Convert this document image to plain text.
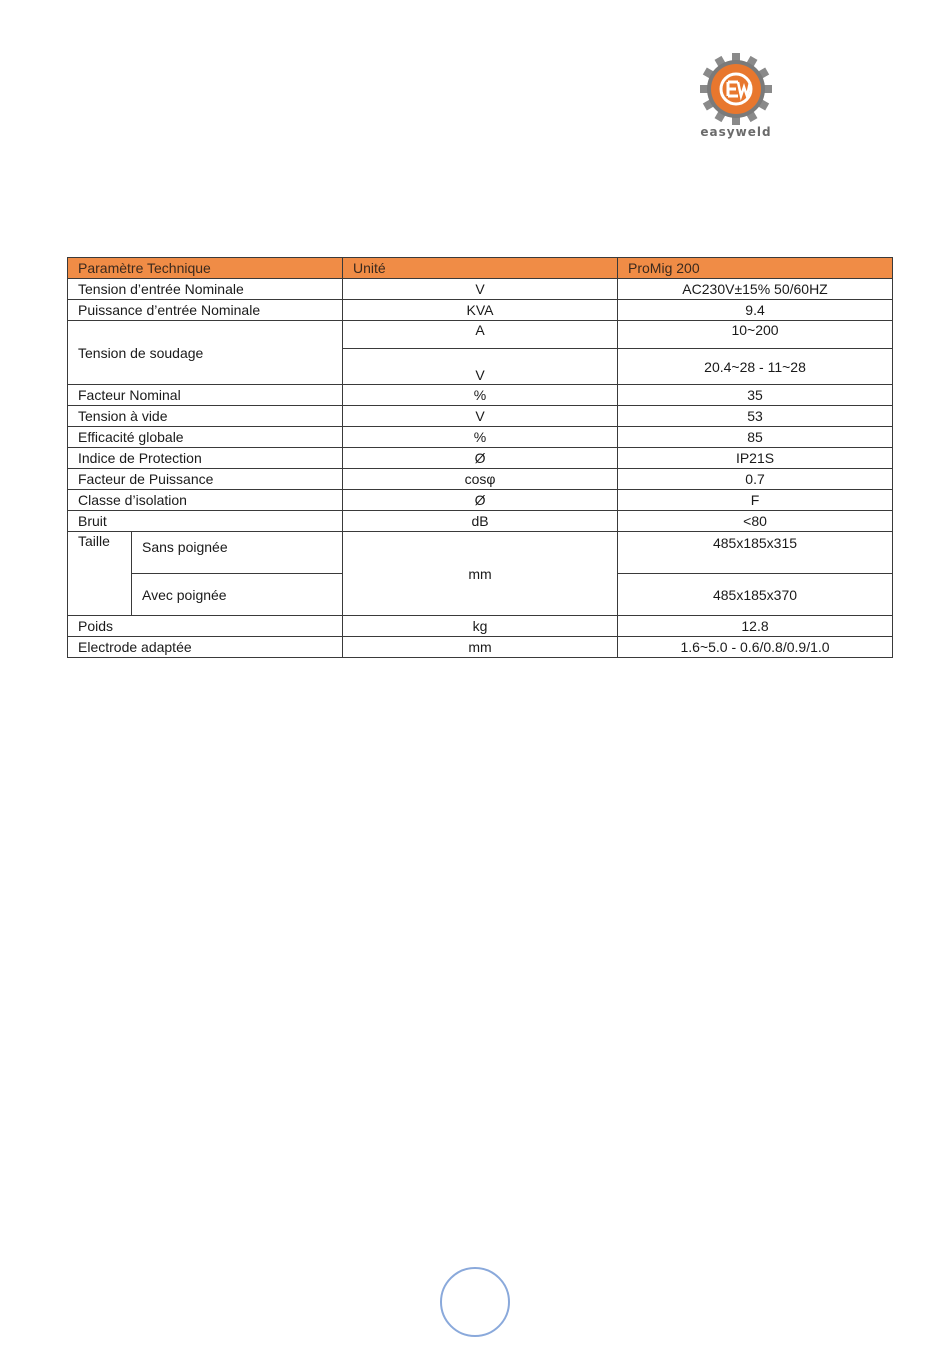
easyweld
Paramètre Technique		Unité	ProMig 200
Tension d’entrée Nominale		V	AC230V±15% 50/60HZ
Puissance d’entrée Nominale		KVA	9.4
Tension de soudage		A	10~200
		V	20.4~28 - 11~28
Facteur Nominal		%	35
Tension à vide		V	53
Efficacité globale		%	85
Indice de Protection		Ø	IP21S
Facteur de Puissance		cosφ	0.7
Classe d’isolation		Ø	F
Bruit		dB	<80
Taille	Sans poignée	mm	485x185x315
	Avec poignée		485x185x370
Poids		kg	12.8
Electrode adaptée		mm	1.6~5.0 - 0.6/0.8/0.9/1.0
